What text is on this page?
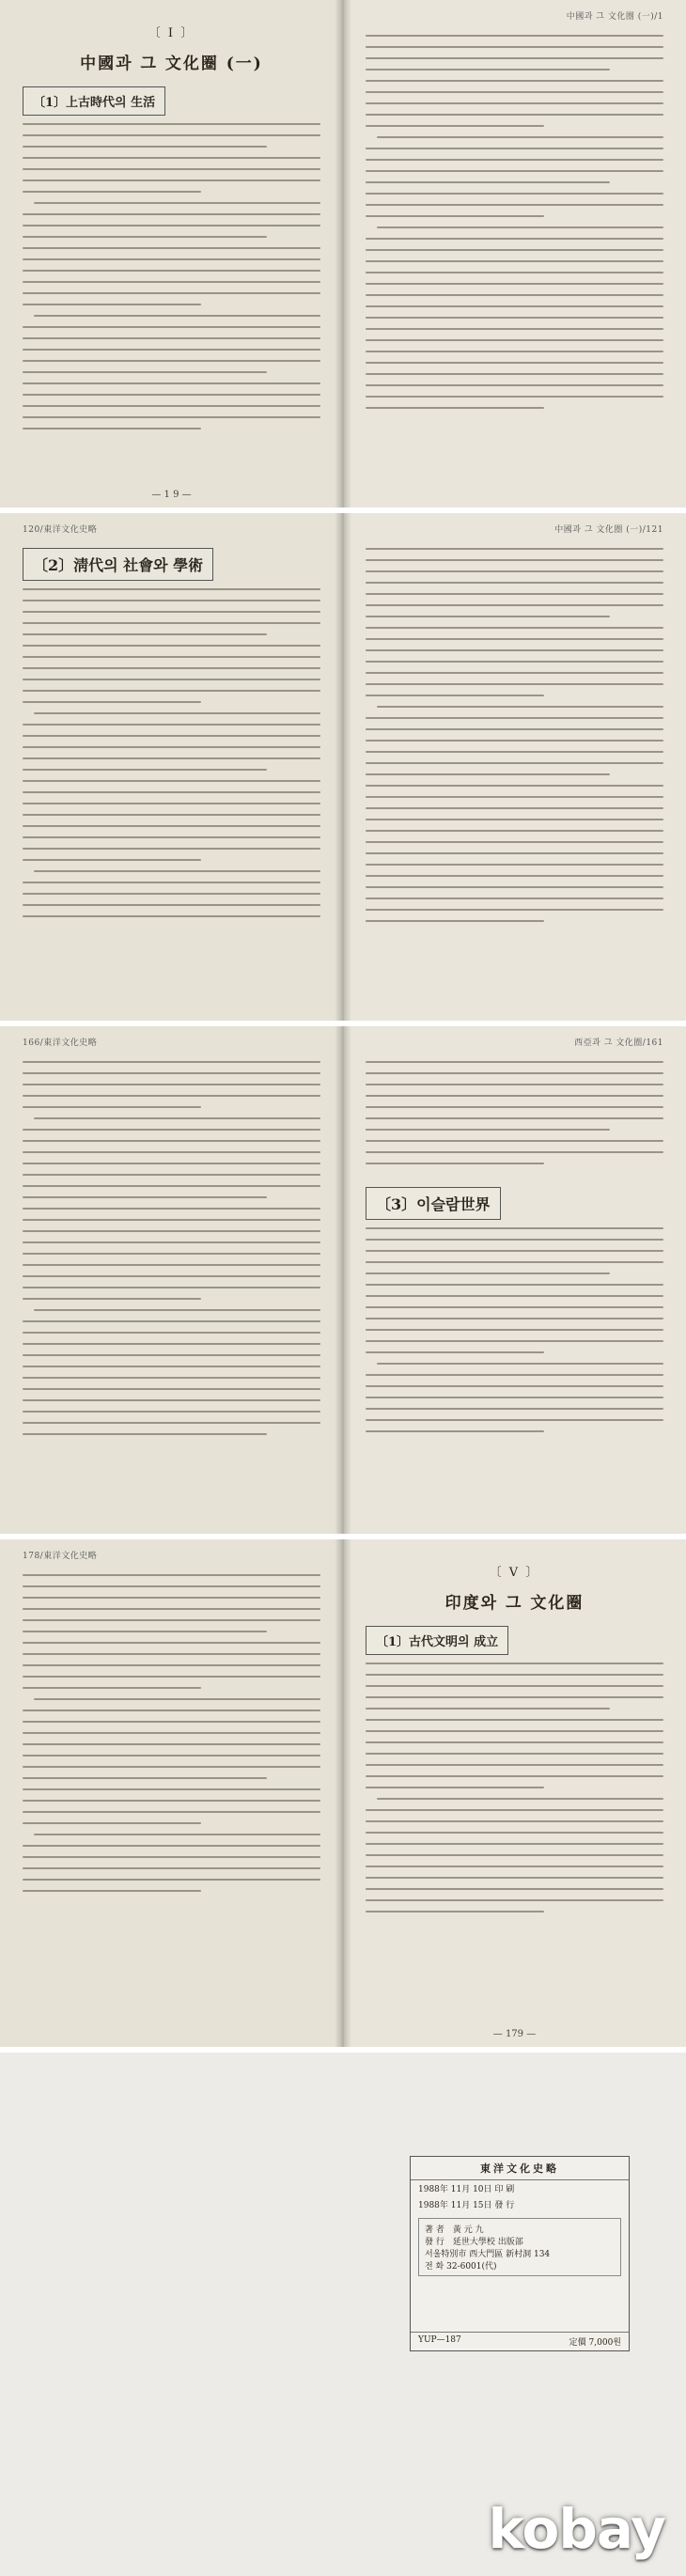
〔 I 〕
中國과 그 文化圈 (一)
〔1〕上古時代의 生活
— 1 9 —
中國과 그 文化圈 (一)/1
120/東洋文化史略
〔2〕淸代의 社會와 學術
中國과 그 文化圈 (一)/121
166/東洋文化史略	西亞과 그 文化圈/161
〔3〕이슬람世界
178/東洋文化史略
〔 V 〕
印度와 그 文化圈
〔1〕古代文明의 成立
— 179 —
東洋文化史略
1988年 11月 10日 印 刷
1988年 11月 15日 發 行
著 者　 黃 元 九
發 行　 延世大學校 出版部
서울特別市 西大門區 新村洞 134
전 화 32-6001(代)
YUP—187	定價 7,000원
kobay
